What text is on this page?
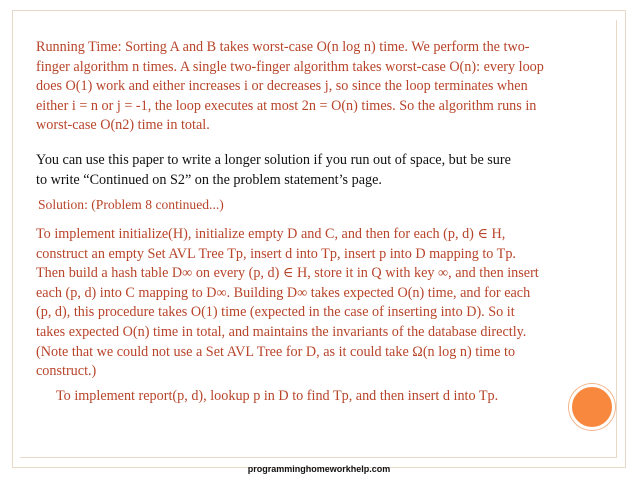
Running Time: Sorting A and B takes worst-case O(n log n) time. We perform the two-
finger algorithm n times. A single two-finger algorithm takes worst-case O(n): every loop
does O(1) work and either increases i or decreases j, so since the loop terminates when
either i = n or j = -1, the loop executes at most 2n = O(n) times. So the algorithm runs in
worst-case O(n2) time in total.

You can use this paper to write a longer solution if you run out of space, but be sure
to write “Continued on S2” on the problem statement’s page.

Solution: (Problem 8 continued...)

To implement initialize(H), initialize empty D and C, and then for each (p, d) ∈ H,
construct an empty Set AVL Tree Tp, insert d into Tp, insert p into D mapping to Tp.
Then build a hash table D∞ on every (p, d) ∈ H, store it in Q with key ∞, and then insert
each (p, d) into C mapping to D∞. Building D∞ takes expected O(n) time, and for each
(p, d), this procedure takes O(1) time (expected in the case of inserting into D). So it
takes expected O(n) time in total, and maintains the invariants of the database directly.
(Note that we could not use a Set AVL Tree for D, as it could take Ω(n log n) time to
construct.)

To implement report(p, d), lookup p in D to find Tp, and then insert d into Tp.

programminghomeworkhelp.com
